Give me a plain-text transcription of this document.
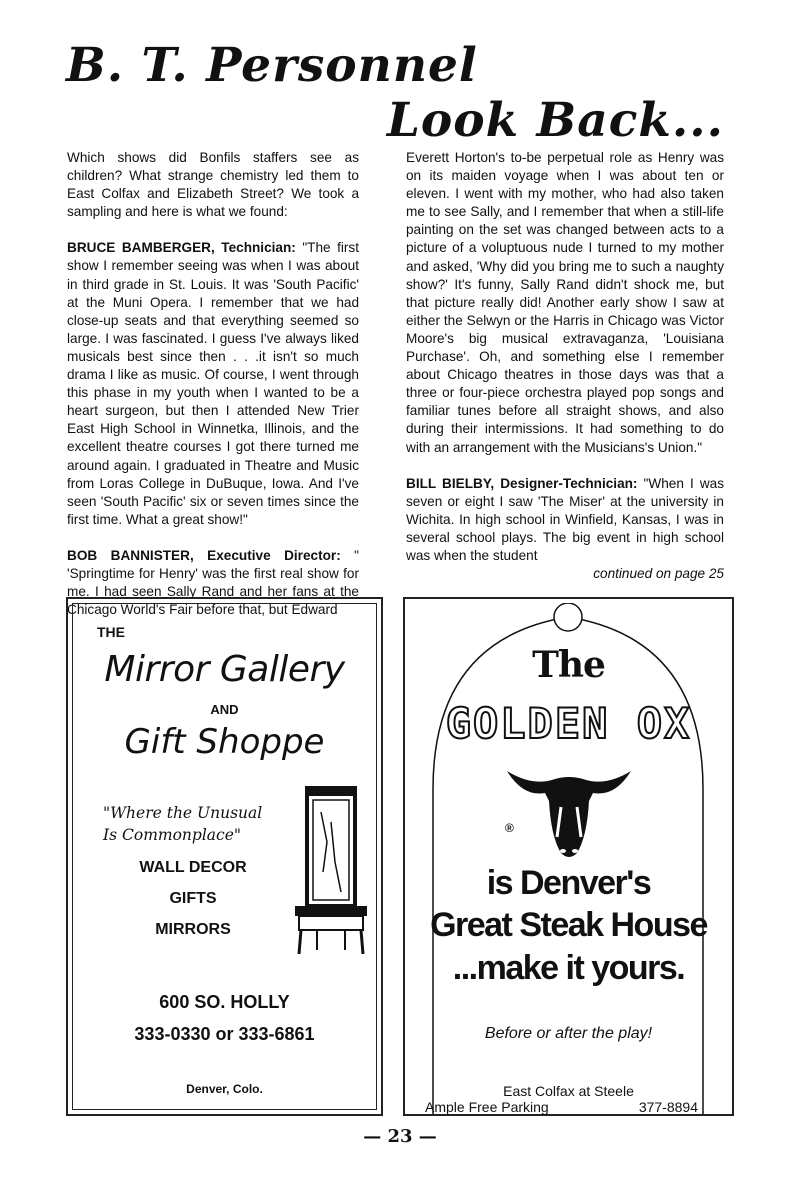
B. T. Personnel
Look Back...

Which shows did Bonfils staffers see as children? What strange chemistry led them to East Colfax and Elizabeth Street? We took a sampling and here is what we found:

BRUCE BAMBERGER, Technician: "The first show I remember seeing was when I was about in third grade in St. Louis. It was 'South Pacific' at the Muni Opera. I remember that we had close-up seats and that everything seemed so large. I was fascinated. I guess I've always liked musicals best since then . . .it isn't so much drama I like as music. Of course, I went through this phase in my youth when I wanted to be a heart surgeon, but then I attended New Trier East High School in Winnetka, Illinois, and the excellent theatre courses I got there turned me around again. I graduated in Theatre and Music from Loras College in DuBuque, Iowa. And I've seen 'South Pacific' six or seven times since the first time. What a great show!"

BOB BANNISTER, Executive Director: " 'Springtime for Henry' was the first real show for me. I had seen Sally Rand and her fans at the Chicago World's Fair before that, but Edward

Everett Horton's to-be perpetual role as Henry was on its maiden voyage when I was about ten or eleven. I went with my mother, who had also taken me to see Sally, and I remember that when a still-life painting on the set was changed between acts to a picture of a voluptuous nude I turned to my mother and asked, 'Why did you bring me to such a naughty show?' It's funny, Sally Rand didn't shock me, but that picture really did! Another early show I saw at either the Selwyn or the Harris in Chicago was Victor Moore's big musical extravaganza, 'Louisiana Purchase'. Oh, and something else I remember about Chicago theatres in those days was that a three or four-piece orchestra played pop songs and familiar tunes before all straight shows, and also during their intermissions. It had something to do with an arrangement with the Musicians's Union."

BILL BIELBY, Designer-Technician: "When I was seven or eight I saw 'The Miser' at the university in Wichita. In high school in Winfield, Kansas, I was in several school plays. The big event in high school was when the student

continued on page 25
THE
Mirror Gallery
AND
Gift Shoppe
"Where the Unusual
Is Commonplace"
WALL DECOR
GIFTS
MIRRORS
600 SO. HOLLY
333-0330 or 333-6861
Denver, Colo.
The
GOLDEN OX
®
is Denver's
Great Steak House
...make it yours.
Before or after the play!
East Colfax at Steele
Ample Free Parking	377-8894
— 23 —
